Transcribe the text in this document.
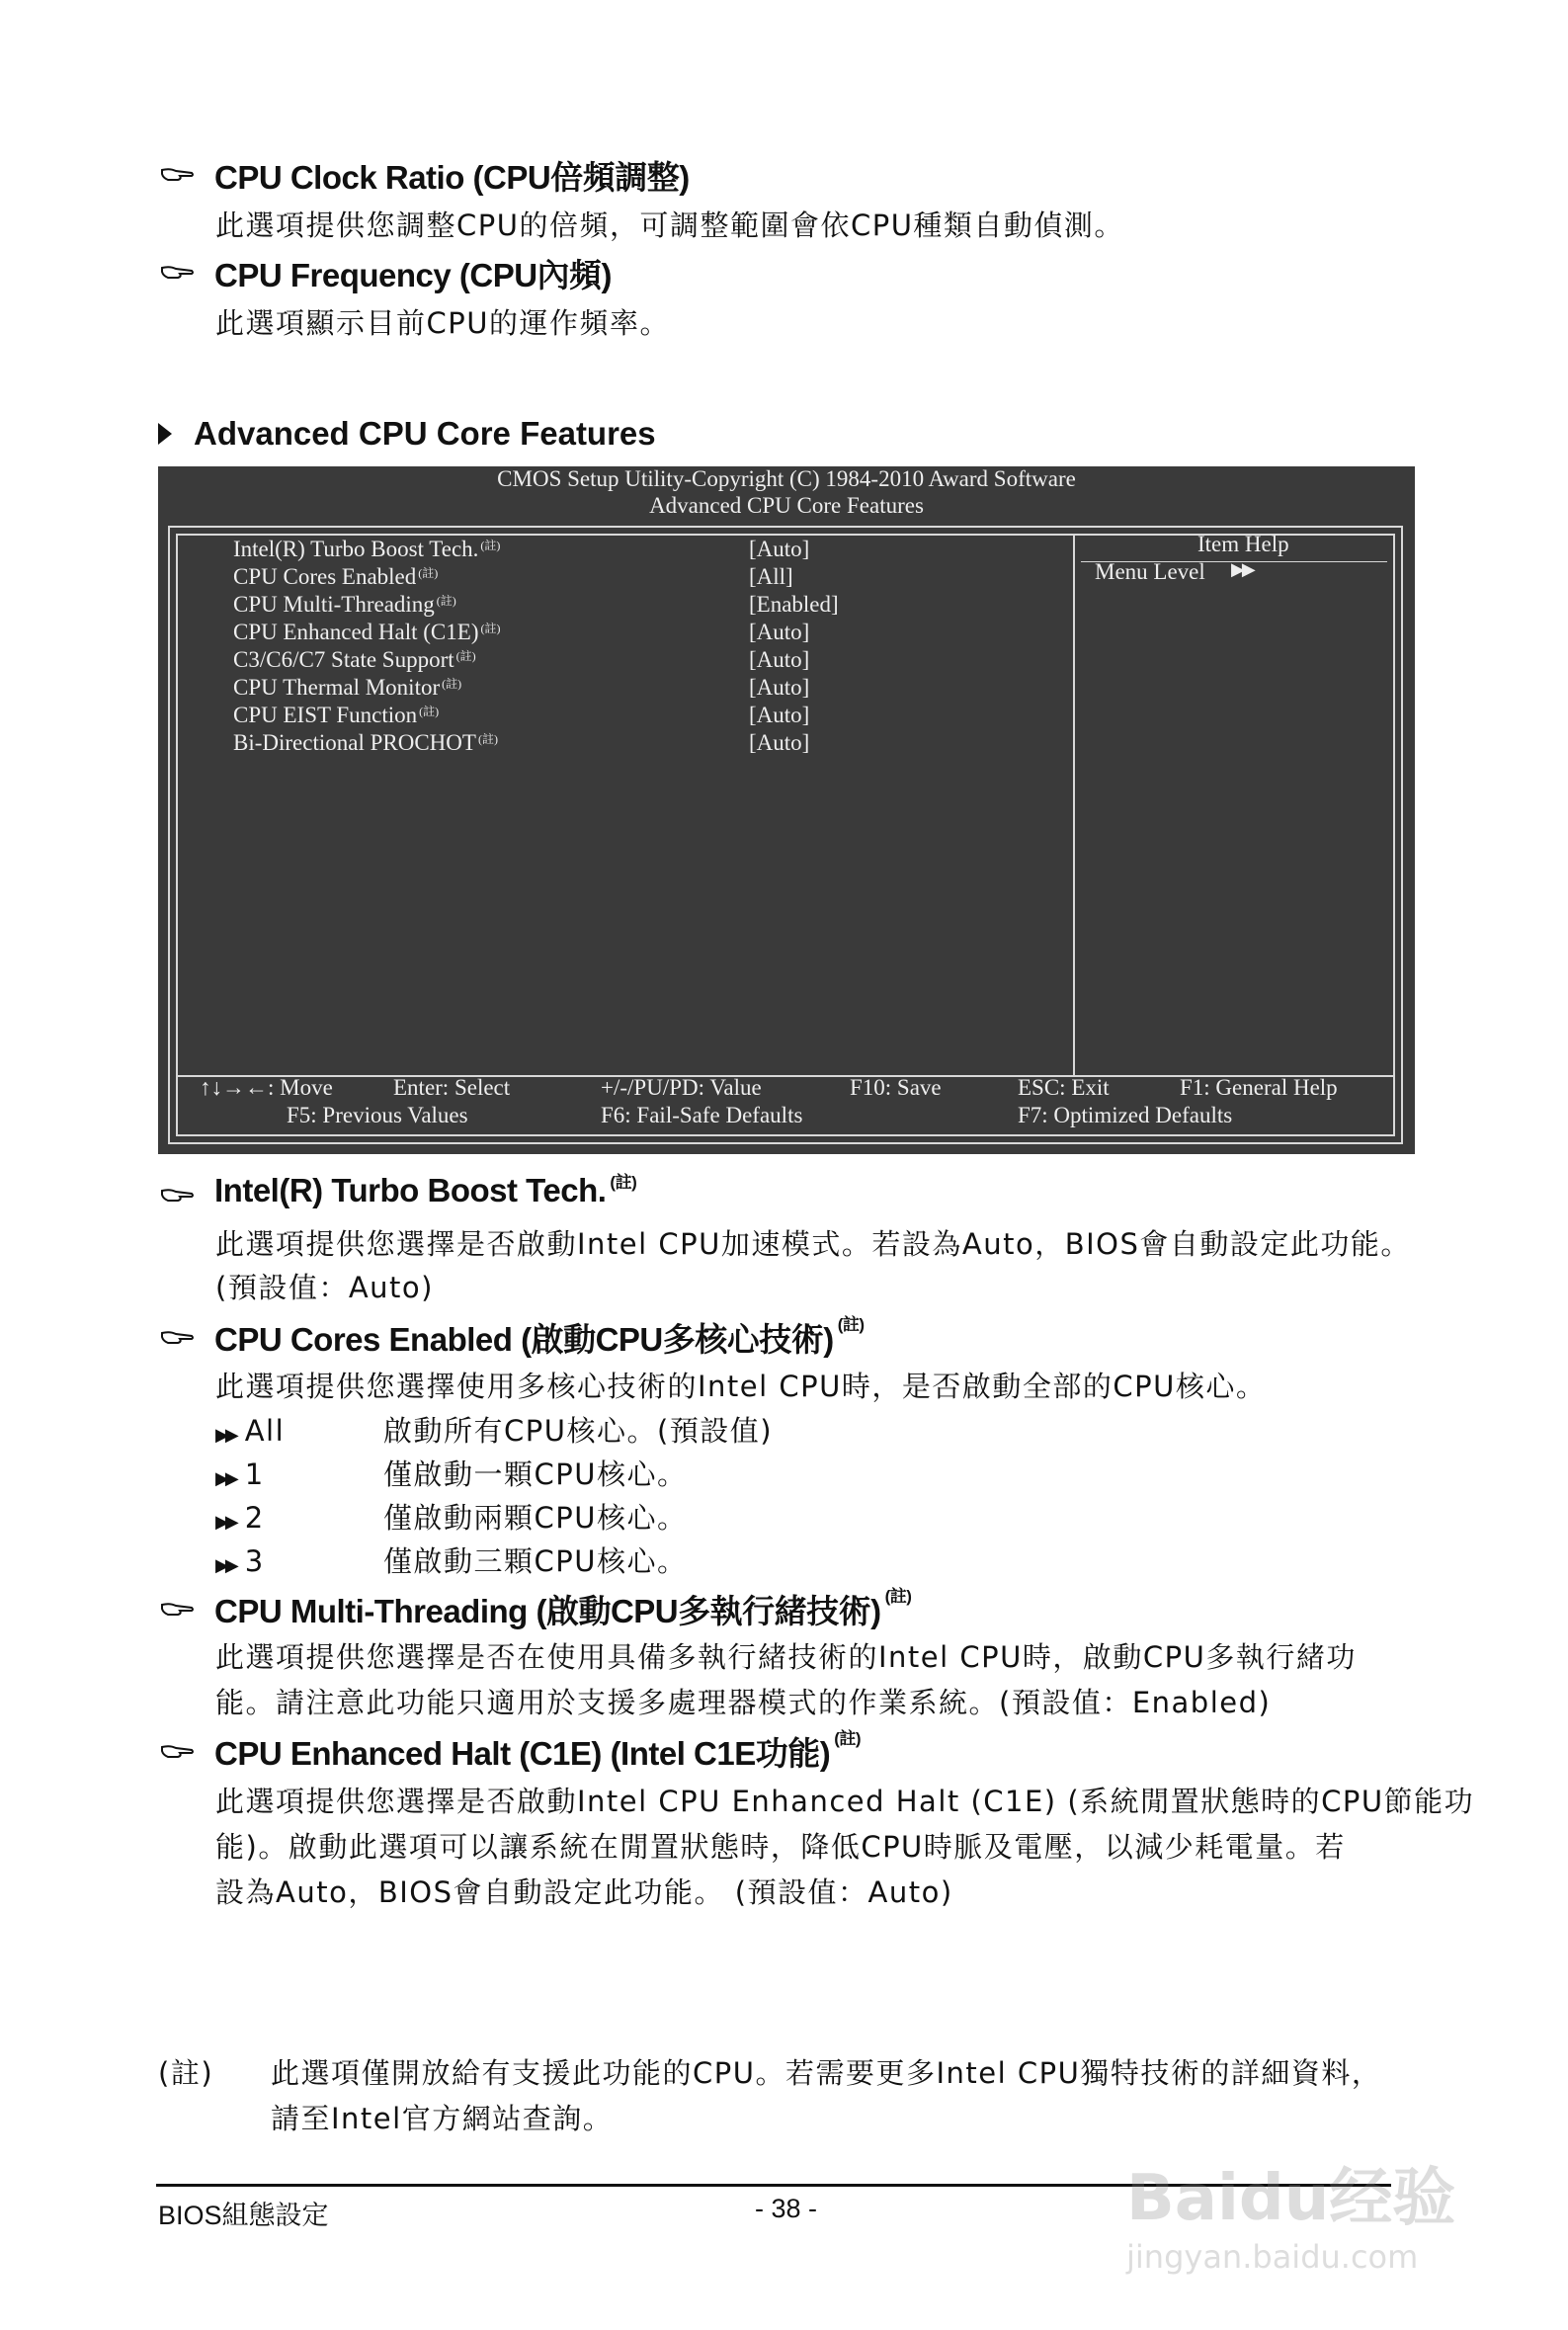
CPU Clock Ratio (CPU倍頻調整)
此選項提供您調整CPU的倍頻，可調整範圍會依CPU種類自動偵測。
CPU Frequency (CPU內頻)
此選項顯示目前CPU的運作頻率。
Advanced CPU Core Features
CMOS Setup Utility-Copyright (C) 1984-2010 Award Software
Advanced CPU Core Features
Intel(R) Turbo Boost Tech. $^{(註)}$	[Auto]
CPU Cores Enabled $^{(註)}$	[All]
CPU Multi-Threading $^{(註)}$	[Enabled]
CPU Enhanced Halt (C1E) $^{(註)}$	[Auto]
C3/C6/C7 State Support $^{(註)}$	[Auto]
CPU Thermal Monitor $^{(註)}$	[Auto]
CPU EIST Function $^{(註)}$	[Auto]
Bi-Directional PROCHOT $^{(註)}$	[Auto]
Item Help
Menu Level ▶▶
↑↓→←: Move	Enter: Select	+/-/PU/PD: Value	F10: Save	ESC: Exit	F1: General Help
F5: Previous Values	F6: Fail-Safe Defaults	F7: Optimized Defaults
Intel(R) Turbo Boost Tech. $^{(註)}$
此選項提供您選擇是否啟動Intel CPU加速模式。若設為Auto，BIOS會自動設定此功能。
(預設值：Auto)
CPU Cores Enabled (啟動CPU多核心技術) $^{(註)}$
此選項提供您選擇使用多核心技術的Intel CPU時，是否啟動全部的CPU核心。
▶▶ All	啟動所有CPU核心。(預設值)
▶▶ 1	僅啟動一顆CPU核心。
▶▶ 2	僅啟動兩顆CPU核心。
▶▶ 3	僅啟動三顆CPU核心。
CPU Multi-Threading (啟動CPU多執行緒技術) $^{(註)}$
此選項提供您選擇是否在使用具備多執行緒技術的Intel CPU時，啟動CPU多執行緒功
能。請注意此功能只適用於支援多處理器模式的作業系統。(預設值：Enabled)
CPU Enhanced Halt (C1E) (Intel C1E功能) $^{(註)}$
此選項提供您選擇是否啟動Intel CPU Enhanced Halt (C1E) (系統閒置狀態時的CPU節能功
能)。啟動此選項可以讓系統在閒置狀態時，降低CPU時脈及電壓，以減少耗電量。若
設為Auto，BIOS會自動設定此功能。 (預設值：Auto)
(註) 此選項僅開放給有支援此功能的CPU。若需要更多Intel CPU獨特技術的詳細資料，
請至Intel官方網站查詢。
BIOS組態設定	- 38 -	Baidu经验
jingyan.baidu.com
